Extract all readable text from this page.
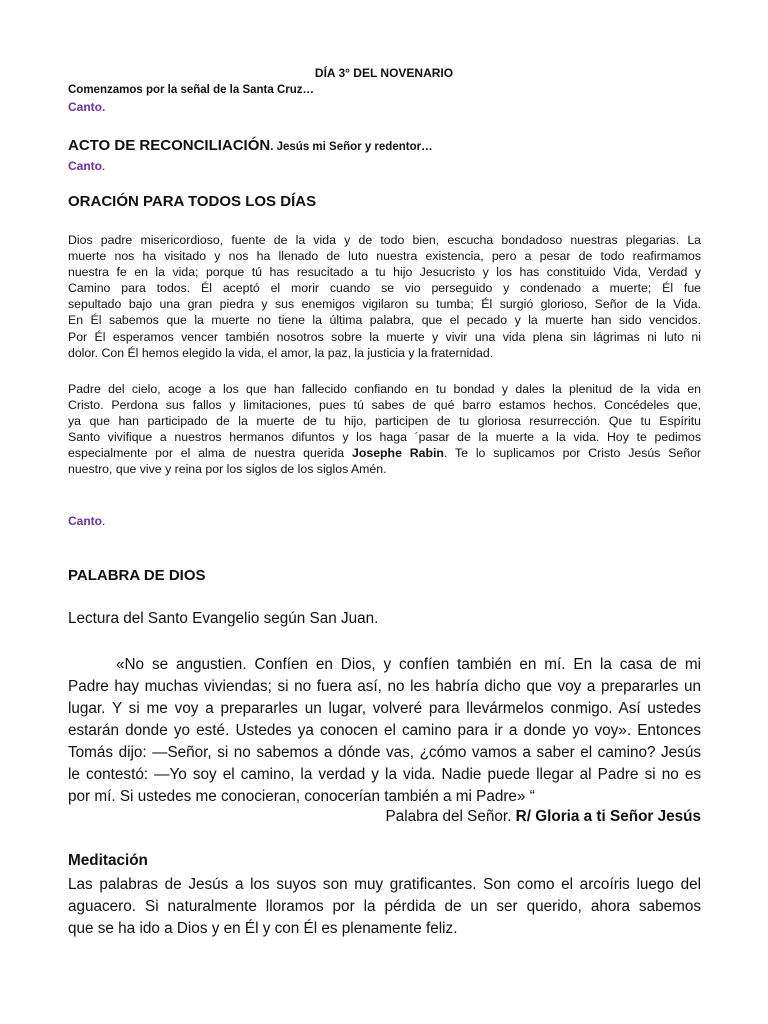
DÍA 3° DEL NOVENARIO
Comenzamos por la señal de la Santa Cruz…
Canto.
ACTO DE RECONCILIACIÓN. Jesús mi Señor y redentor…
Canto.
ORACIÓN PARA TODOS LOS DÍAS
Dios padre misericordioso, fuente de la vida y de todo bien, escucha bondadoso nuestras plegarias. La
muerte nos ha visitado y nos ha llenado de luto nuestra existencia, pero a pesar de todo reafirmamos
nuestra fe en la vida; porque tú has resucitado a tu hijo Jesucristo y los has constituido Vida, Verdad y
Camino para todos. Él aceptó el morir cuando se vio perseguido y condenado a muerte; Él fue
sepultado bajo una gran piedra y sus enemigos vigilaron su tumba; Él surgió glorioso, Señor de la Vida.
En Él sabemos que la muerte no tiene la última palabra, que el pecado y la muerte han sido vencidos.
Por Él esperamos vencer también nosotros sobre la muerte y vivir una vida plena sin lágrimas ni luto ni
dolor. Con Él hemos elegido la vida, el amor, la paz, la justicia y la fraternidad.
Padre del cielo, acoge a los que han fallecido confiando en tu bondad y dales la plenitud de la vida en
Cristo. Perdona sus fallos y limitaciones, pues tú sabes de qué barro estamos hechos. Concédeles que,
ya que han participado de la muerte de tu hijo, participen de tu gloriosa resurrección. Que tu Espíritu
Santo vivifique a nuestros hermanos difuntos y los haga ´pasar de la muerte a la vida. Hoy te pedimos
especialmente por el alma de nuestra querida Josephe Rabin. Te lo suplicamos por Cristo Jesús Señor
nuestro, que vive y reina por los siglos de los siglos Amén.
Canto.
PALABRA DE DIOS
Lectura del Santo Evangelio según San Juan.
«No se angustien. Confíen en Dios, y confíen también en mí. En la casa de mi
Padre hay muchas viviendas; si no fuera así, no les habría dicho que voy a prepararles un
lugar. Y si me voy a prepararles un lugar, volveré para llevármelos conmigo. Así ustedes
estarán donde yo esté. Ustedes ya conocen el camino para ir a donde yo voy». Entonces
Tomás dijo: —Señor, si no sabemos a dónde vas, ¿cómo vamos a saber el camino? Jesús
le contestó: —Yo soy el camino, la verdad y la vida. Nadie puede llegar al Padre si no es
por mí. Si ustedes me conocieran, conocerían también a mi Padre» “
Palabra del Señor. R/ Gloria a ti Señor Jesús
Meditación
Las palabras de Jesús a los suyos son muy gratificantes. Son como el arcoíris luego del
aguacero. Si naturalmente lloramos por la pérdida de un ser querido, ahora sabemos
que se ha ido a Dios y en Él y con Él es plenamente feliz.
